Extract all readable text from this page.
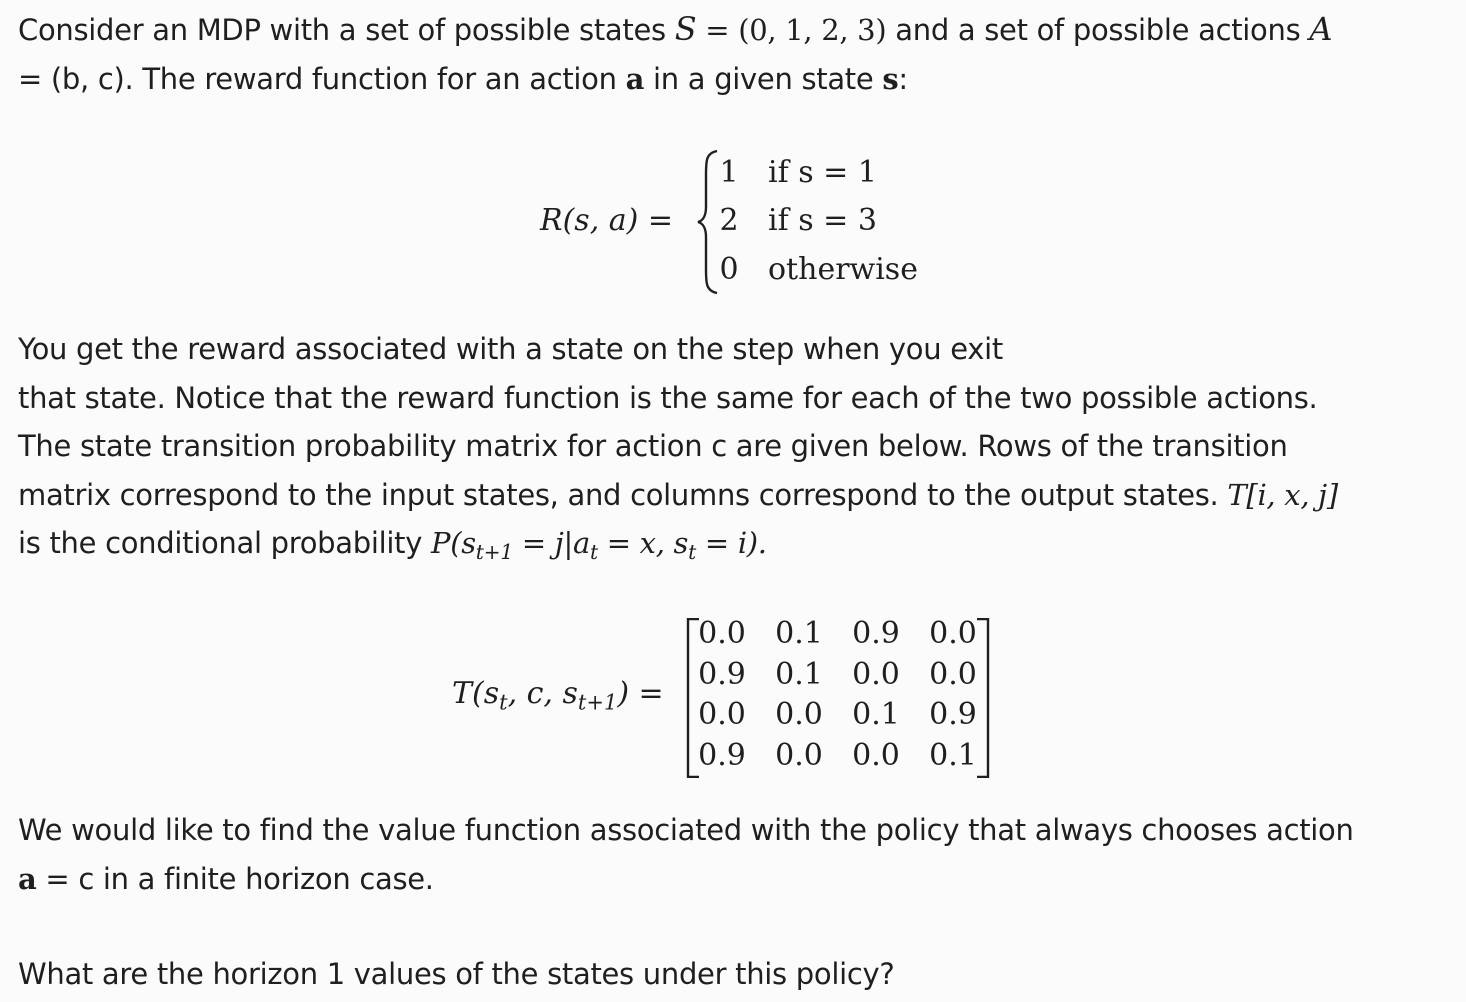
Consider an MDP with a set of possible states S = (0, 1, 2, 3) and a set of possible actions A
= (b, c). The reward function for an action a in a given state s:
R(s, a) =
1 if s = 1
2 if s = 3
0 otherwise
You get the reward associated with a state on the step when you exit
that state. Notice that the reward function is the same for each of the two possible actions.
The state transition probability matrix for action c are given below. Rows of the transition
matrix correspond to the input states, and columns correspond to the output states. T[i, x, j]
is the conditional probability $P(s_{t+1} = j|a_t = x$, $s_t = i$).
$T(s_t$, c, $s_{t+1}$) =
0.0 0.1 0.9 0.0
0.9 0.1 0.0 0.0
0.0 0.0 0.1 0.9
0.9 0.0 0.0 0.1
We would like to find the value function associated with the policy that always chooses action
a = c in a finite horizon case.
What are the horizon 1 values of the states under this policy?
